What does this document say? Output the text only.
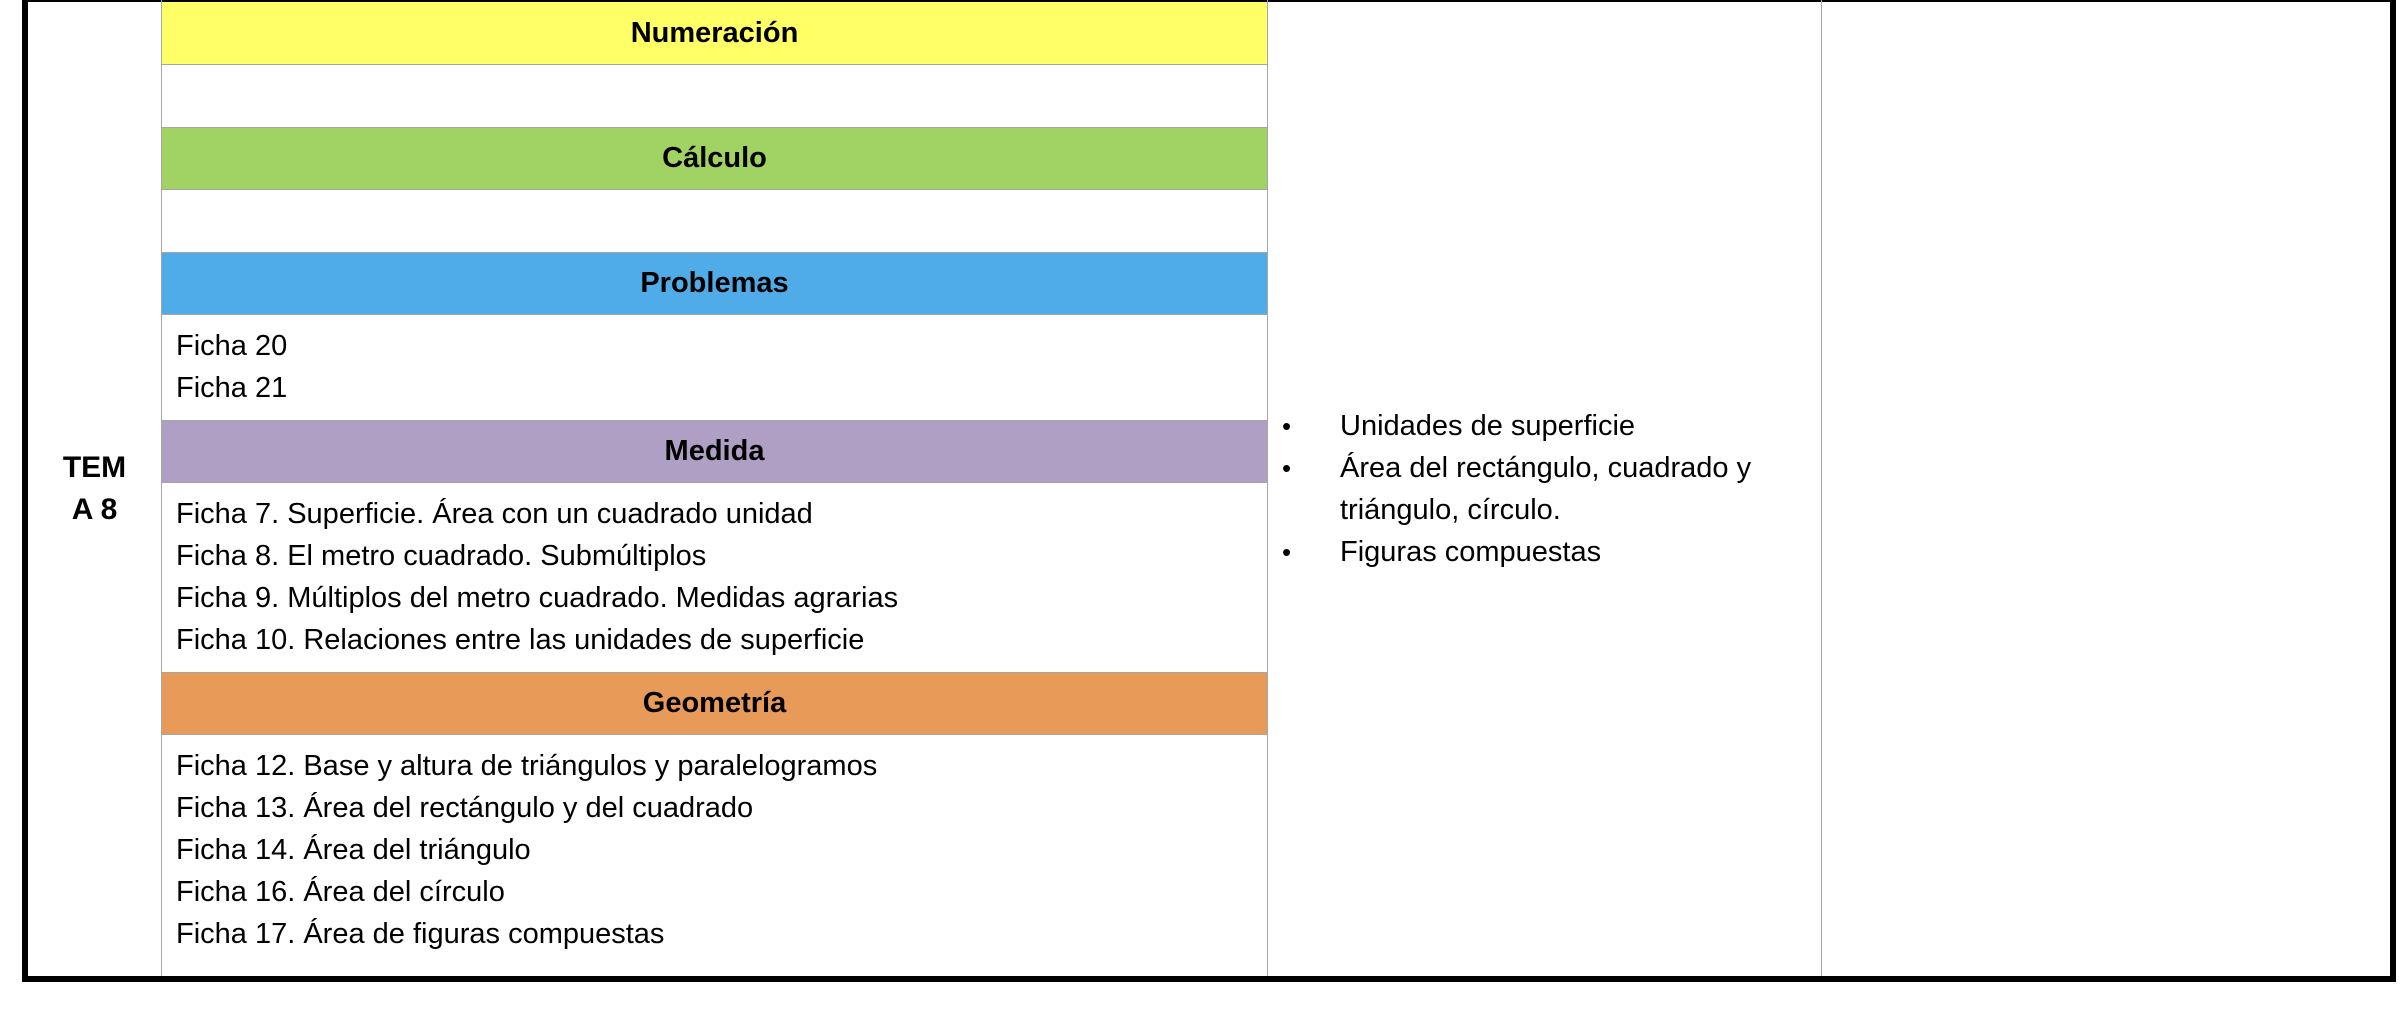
TEMA 8
Numeración
Cálculo
Problemas
Ficha 20
Ficha 21
Medida
Ficha 7. Superficie. Área con un cuadrado unidad
Ficha 8. El metro cuadrado. Submúltiplos
Ficha 9. Múltiplos del metro cuadrado. Medidas agrarias
Ficha 10. Relaciones entre las unidades de superficie
Geometría
Ficha 12. Base y altura de triángulos y paralelogramos
Ficha 13. Área del rectángulo y del cuadrado
Ficha 14. Área del triángulo
Ficha 16. Área del círculo
Ficha 17. Área de figuras compuestas
• Unidades de superficie
• Área del rectángulo, cuadrado y triángulo, círculo.
• Figuras compuestas
